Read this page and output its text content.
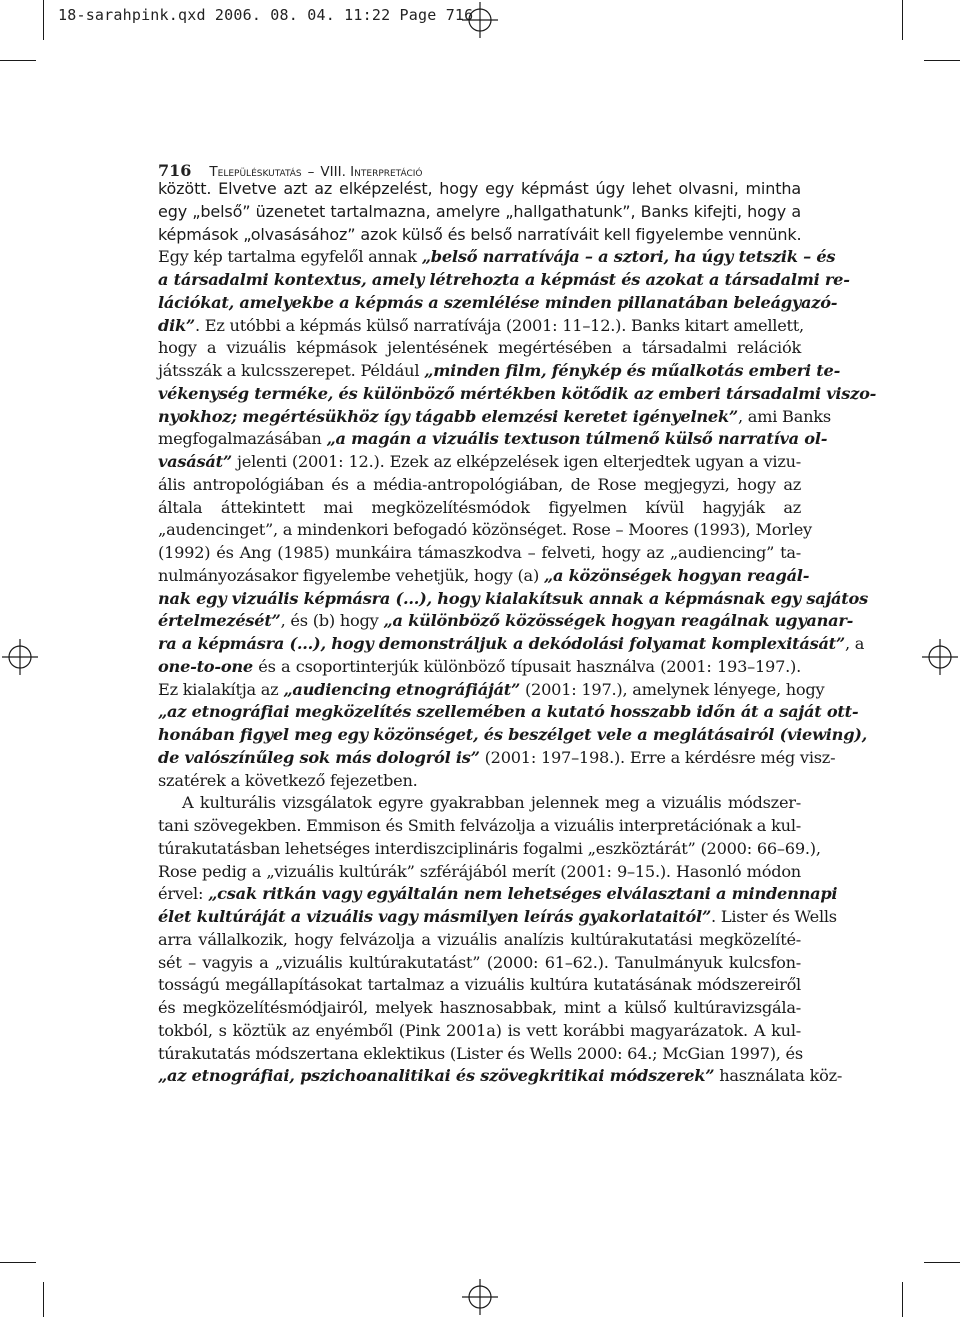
18-sarahpink.qxd 2006. 08. 04. 11:22 Page 716
716 Településkutatás – VIII. Interpretáció
között. Elvetve azt az elképzelést, hogy egy képmást úgy lehet olvasni, mintha
egy „belső” üzenetet tartalmazna, amelyre „hallgathatunk”, Banks kifejti, hogy a
képmások „olvasásához” azok külső és belső narratíváit kell figyelembe vennünk.
Egy kép tartalma egyfelől annak „belső narratívája – a sztori, ha úgy tetszik – és
a társadalmi kontextus, amely létrehozta a képmást és azokat a társadalmi re-
lációkat, amelyekbe a képmás a szemlélése minden pillanatában beleágyazó-
dik”. Ez utóbbi a képmás külső narratívája (2001: 11–12.). Banks kitart amellett,
hogy a vizuális képmások jelentésének megértésében a társadalmi relációk
játsszák a kulcsszerepet. Például „minden film, fénykép és műalkotás emberi te-
vékenység terméke, és különböző mértékben kötődik az emberi társadalmi viszo-
nyokhoz; megértésükhöz így tágabb elemzési keretet igényelnek”, ami Banks
megfogalmazásában „a magán a vizuális textuson túlmenő külső narratíva ol-
vasását” jelenti (2001: 12.). Ezek az elképzelések igen elterjedtek ugyan a vizu-
ális antropológiában és a média-antropológiában, de Rose megjegyzi, hogy az
általa áttekintett mai megközelítésmódok figyelmen kívül hagyják az
„audencinget”, a mindenkori befogadó közönséget. Rose – Moores (1993), Morley
(1992) és Ang (1985) munkáira támaszkodva – felveti, hogy az „audiencing” ta-
nulmányozásakor figyelembe vehetjük, hogy (a) „a közönségek hogyan reagál-
nak egy vizuális képmásra (...), hogy kialakítsuk annak a képmásnak egy sajátos
értelmezését”, és (b) hogy „a különböző közösségek hogyan reagálnak ugyanar-
ra a képmásra (...), hogy demonstráljuk a dekódolási folyamat komplexitását”, a
one-to-one és a csoportinterjúk különböző típusait használva (2001: 193–197.).
Ez kialakítja az „audiencing etnográfiáját” (2001: 197.), amelynek lényege, hogy
„az etnográfiai megközelítés szellemében a kutató hosszabb időn át a saját ott-
honában figyel meg egy közönséget, és beszélget vele a meglátásairól (viewing),
de valószínűleg sok más dologról is” (2001: 197–198.). Erre a kérdésre még visz-
szatérek a következő fejezetben.
A kulturális vizsgálatok egyre gyakrabban jelennek meg a vizuális módszer-
tani szövegekben. Emmison és Smith felvázolja a vizuális interpretációnak a kul-
túrakutatásban lehetséges interdiszciplináris fogalmi „eszköztárát” (2000: 66–69.),
Rose pedig a „vizuális kultúrák” szférájából merít (2001: 9–15.). Hasonló módon
érvel: „csak ritkán vagy egyáltalán nem lehetséges elválasztani a mindennapi
élet kultúráját a vizuális vagy másmilyen leírás gyakorlataitól”. Lister és Wells
arra vállalkozik, hogy felvázolja a vizuális analízis kultúrakutatási megközelíté-
sét – vagyis a „vizuális kultúrakutatást” (2000: 61–62.). Tanulmányuk kulcsfon-
tosságú megállapításokat tartalmaz a vizuális kultúra kutatásának módszereiről
és megközelítésmódjairól, melyek hasznosabbak, mint a külső kultúravizsgála-
tokból, s köztük az enyémből (Pink 2001a) is vett korábbi magyarázatok. A kul-
túrakutatás módszertana eklektikus (Lister és Wells 2000: 64.; McGian 1997), és
„az etnográfiai, pszichoanalitikai és szövegkritikai módszerek” használata köz-
